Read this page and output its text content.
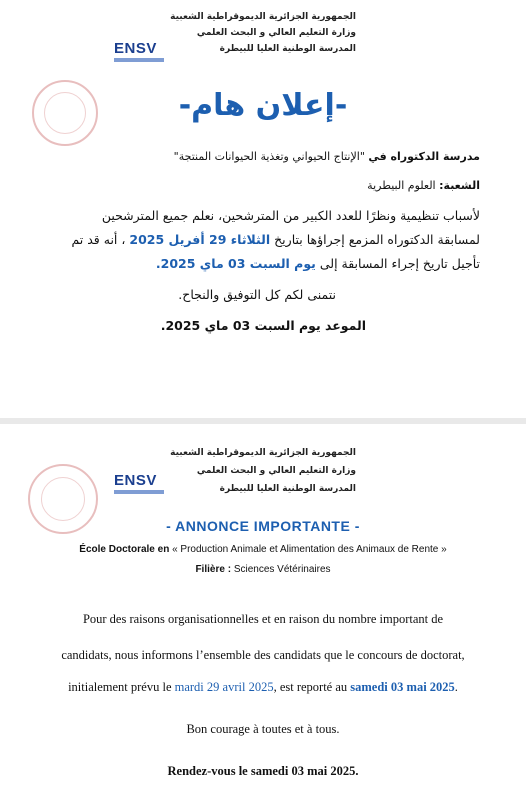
الجمهورية الجزائرية الديموقراطية الشعبية
وزارة التعليم العالي و البحث العلمي
المدرسة الوطنية العليا للبيطرة
ENSV
-إعلان هام-
مدرسة الدكتوراه في "الإنتاج الحيواني وتغذية الحيوانات المنتجة"
الشعبة: العلوم البيطرية
لأسباب تنظيمية ونظرًا للعدد الكبير من المترشحين، نعلم جميع المترشحين
لمسابقة الدكتوراه المزمع إجراؤها بتاريخ الثلاثاء 29 أفريل 2025 ، أنه قد تم
تأجيل تاريخ إجراء المسابقة إلى يوم السبت 03 ماي 2025.
نتمنى لكم كل التوفيق والنجاح.
الموعد يوم السبت 03 ماي 2025.
الجمهورية الجزائرية الديموقراطية الشعبية
وزارة التعليم العالي و البحث العلمي
المدرسة الوطنية العليا للبيطرة
ENSV
- ANNONCE IMPORTANTE -
École Doctorale en « Production Animale et Alimentation des Animaux de Rente »
Filière : Sciences Vétérinaires
Pour des raisons organisationnelles et en raison du nombre important de
candidats, nous informons l’ensemble des candidats que le concours de doctorat,
initialement prévu le mardi 29 avril 2025, est reporté au samedi 03 mai 2025.
Bon courage à toutes et à tous.
Rendez-vous le samedi 03 mai 2025.
